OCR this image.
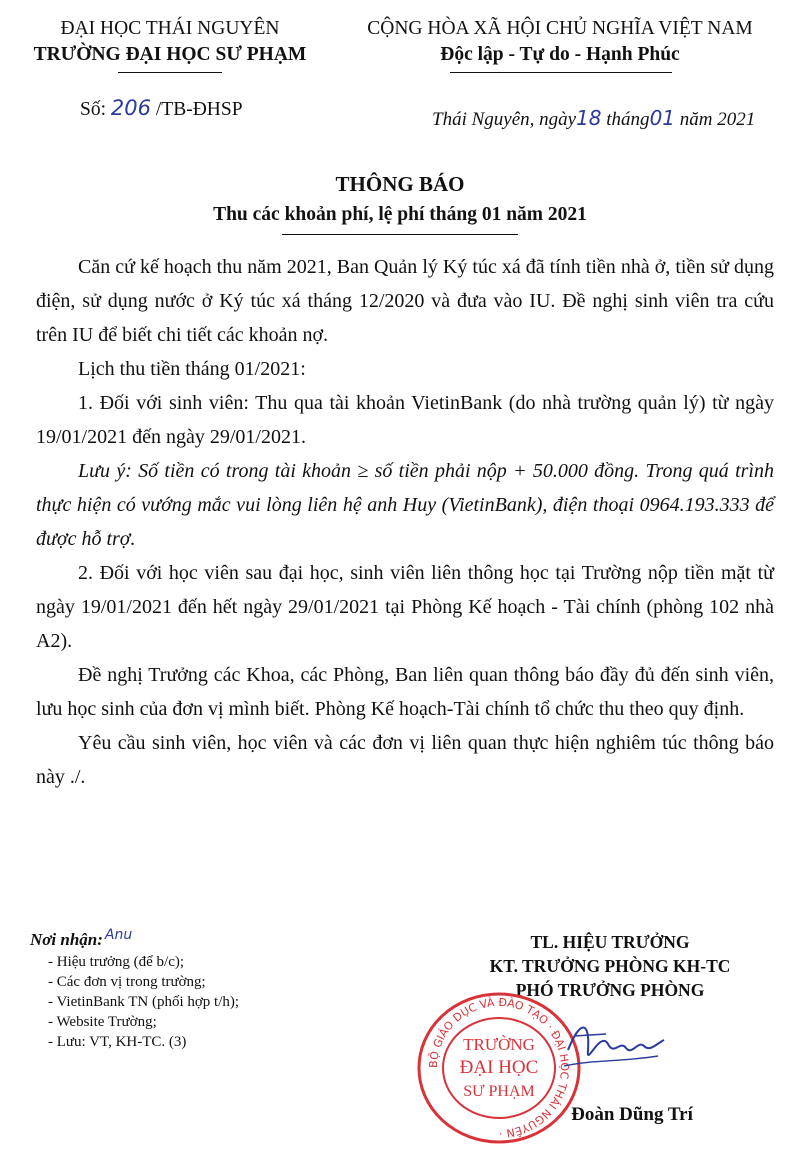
ĐẠI HỌC THÁI NGUYÊN
TRƯỜNG ĐẠI HỌC SƯ PHẠM
CỘNG HÒA XÃ HỘI CHỦ NGHĨA VIỆT NAM
Độc lập - Tự do - Hạnh Phúc
Số: 206 /TB-ĐHSP	Thái Nguyên, ngày18 tháng01 năm 2021
THÔNG BÁO
Thu các khoản phí, lệ phí tháng 01 năm 2021

Căn cứ kế hoạch thu năm 2021, Ban Quản lý Ký túc xá đã tính tiền nhà ở, tiền sử dụng điện, sử dụng nước ở Ký túc xá tháng 12/2020 và đưa vào IU. Đề nghị sinh viên tra cứu trên IU để biết chi tiết các khoản nợ.

Lịch thu tiền tháng 01/2021:

1. Đối với sinh viên: Thu qua tài khoản VietinBank (do nhà trường quản lý) từ ngày 19/01/2021 đến ngày 29/01/2021.

Lưu ý: Số tiền có trong tài khoản ≥ số tiền phải nộp + 50.000 đồng. Trong quá trình thực hiện có vướng mắc vui lòng liên hệ anh Huy (VietinBank), điện thoại 0964.193.333 để được hỗ trợ.

2. Đối với học viên sau đại học, sinh viên liên thông học tại Trường nộp tiền mặt từ ngày 19/01/2021 đến hết ngày 29/01/2021 tại Phòng Kế hoạch - Tài chính (phòng 102 nhà A2).

Đề nghị Trưởng các Khoa, các Phòng, Ban liên quan thông báo đầy đủ đến sinh viên, lưu học sinh của đơn vị mình biết. Phòng Kế hoạch-Tài chính tổ chức thu theo quy định.

Yêu cầu sinh viên, học viên và các đơn vị liên quan thực hiện nghiêm túc thông báo này ./.

Nơi nhận: $^{Anu}$
- Hiệu trưởng (để b/c);
- Các đơn vị trong trường;
- VietinBank TN (phối hợp t/h);
- Website Trường;
- Lưu: VT, KH-TC. (3)
TL. HIỆU TRƯỞNG
KT. TRƯỞNG PHÒNG KH-TC
PHÓ TRƯỞNG PHÒNG
BỘ GIÁO DỤC VÀ ĐÀO TẠO · ĐẠI HỌC THÁI NGUYÊN ·
TRƯỜNG
ĐẠI HỌC
SƯ PHẠM
Đoàn Dũng Trí
